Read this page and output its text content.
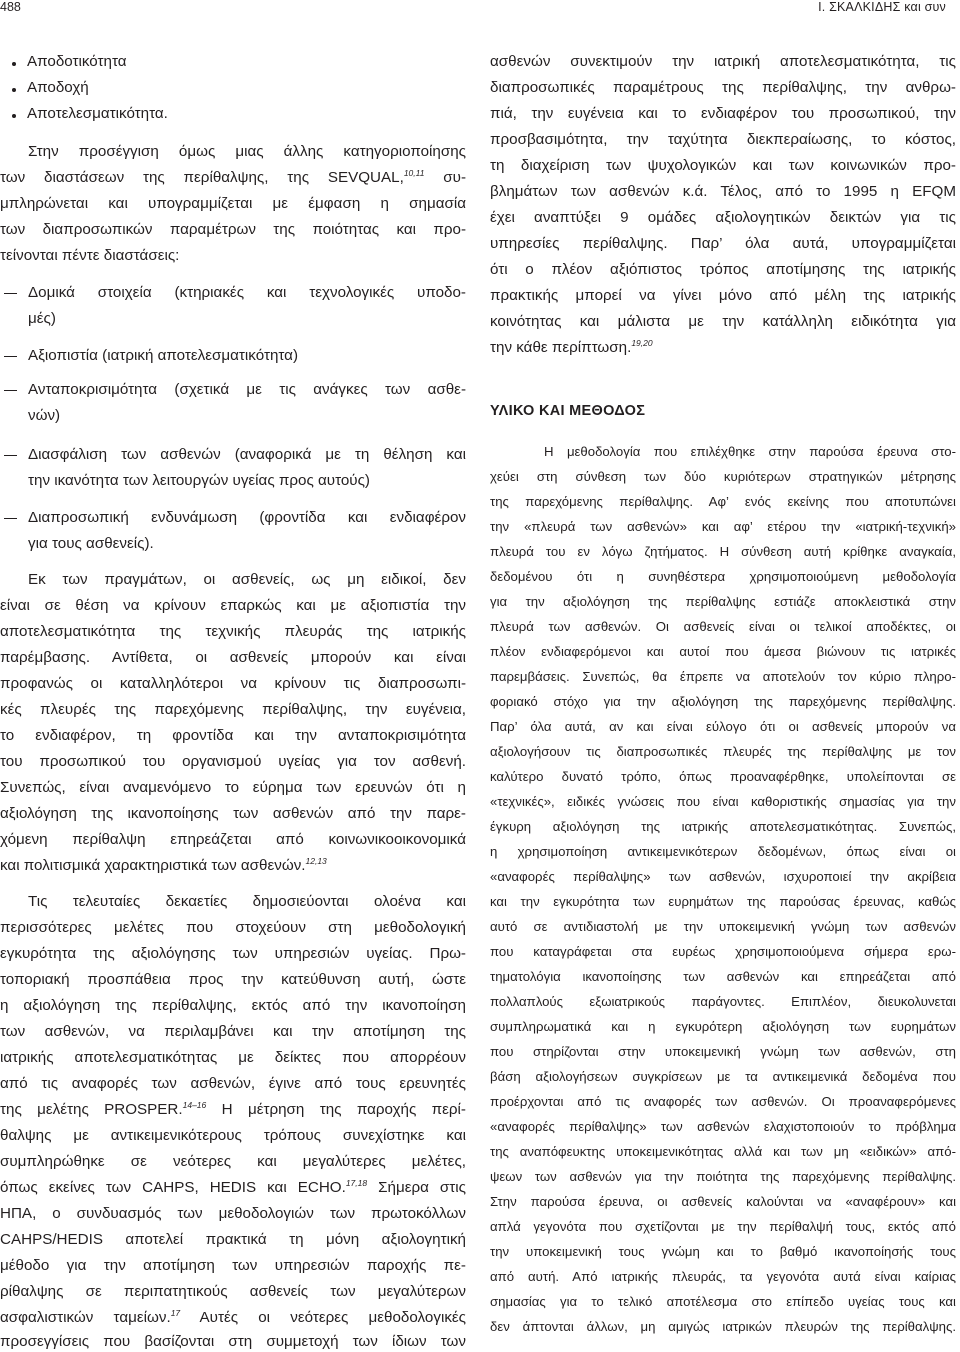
488	Ι. ΣΚΑΛΚΙΔΗΣ και συν
Αποδοτικότητα
Αποδοχή
Αποτελεσματικότητα.
Στην προσέγγιση όμως μιας άλλης κατηγοριοποίησης
των διαστάσεων της περίθαλψης, της SEVQUAL,$^{10,11}$ συ-
μπληρώνεται και υπογραμμίζεται με έμφαση η σημασία
των διαπροσωπικών παραμέτρων της ποιότητας και προ-
τείνονται πέντε διαστάσεις:
Δομικά στοιχεία (κτηριακές και τεχνολογικές υποδο-
μές)
Αξιοπιστία (ιατρική αποτελεσματικότητα)
Ανταποκρισιμότητα (σχετικά με τις ανάγκες των ασθε-
νών)
Διασφάλιση των ασθενών (αναφορικά με τη θέληση και
την ικανότητα των λειτουργών υγείας προς αυτούς)
Διαπροσωπική ενδυνάμωση (φροντίδα και ενδιαφέρον
για τους ασθενείς).
Εκ των πραγμάτων, οι ασθενείς, ως μη ειδικοί, δεν
είναι σε θέση να κρίνουν επαρκώς και με αξιοπιστία την
αποτελεσματικότητα της τεχνικής πλευράς της ιατρικής
παρέμβασης. Αντίθετα, οι ασθενείς μπορούν και είναι
προφανώς οι καταλληλότεροι να κρίνουν τις διαπροσωπι-
κές πλευρές της παρεχόμενης περίθαλψης, την ευγένεια,
το ενδιαφέρον, τη φροντίδα και την ανταποκρισιμότητα
του προσωπικού του οργανισμού υγείας για τον ασθενή.
Συνεπώς, είναι αναμενόμενο το εύρημα των ερευνών ότι η
αξιολόγηση της ικανοποίησης των ασθενών από την παρε-
χόμενη περίθαλψη επηρεάζεται από κοινωνικοοικονομικά
και πολιτισμικά χαρακτηριστικά των ασθενών.$^{12,13}$
Τις τελευταίες δεκαετίες δημοσιεύονται ολοένα και
περισσότερες μελέτες που στοχεύουν στη μεθοδολογική
εγκυρότητα της αξιολόγησης των υπηρεσιών υγείας. Πρω-
τοποριακή προσπάθεια προς την κατεύθυνση αυτή, ώστε
η αξιολόγηση της περίθαλψης, εκτός από την ικανοποίηση
των ασθενών, να περιλαμβάνει και την αποτίμηση της
ιατρικής αποτελεσματικότητας με δείκτες που απορρέουν
από τις αναφορές των ασθενών, έγινε από τους ερευνητές
της μελέτης PROSPER.$^{14-16}$ Η μέτρηση της παροχής περί-
θαλψης με αντικειμενικότερους τρόπους συνεχίστηκε και
συμπληρώθηκε σε νεότερες και μεγαλύτερες μελέτες,
όπως εκείνες των CAHPS, HEDIS και ECHO.$^{17,18}$ Σήμερα στις
ΗΠΑ, ο συνδυασμός των μεθοδολογιών των πρωτοκόλλων
CAHPS/HEDIS αποτελεί πρακτικά τη μόνη αξιολογητική
μέθοδο για την αποτίμηση των υπηρεσιών παροχής πε-
ρίθαλψης σε περιπατητικούς ασθενείς των μεγαλύτερων
ασφαλιστικών ταμείων.$^{17}$ Αυτές οι νεότερες μεθοδολογικές
προσεγγίσεις που βασίζονται στη συμμετοχή των ίδιων των
ασθενών συνεκτιμούν την ιατρική αποτελεσματικότητα, τις
διαπροσωπικές παραμέτρους της περίθαλψης, την ανθρω-
πιά, την ευγένεια και το ενδιαφέρον του προσωπικού, την
προσβασιμότητα, την ταχύτητα διεκπεραίωσης, το κόστος,
τη διαχείριση των ψυχολογικών και των κοινωνικών προ-
βλημάτων των ασθενών κ.ά. Τέλος, από το 1995 η EFQM
έχει αναπτύξει 9 ομάδες αξιολογητικών δεικτών για τις
υπηρεσίες περίθαλψης. Παρ’ όλα αυτά, υπογραμμίζεται
ότι ο πλέον αξιόπιστος τρόπος αποτίμησης της ιατρικής
πρακτικής μπορεί να γίνει μόνο από μέλη της ιατρικής
κοινότητας και μάλιστα με την κατάλληλη ειδικότητα για
την κάθε περίπτωση.$^{19,20}$
ΥΛΙΚΟ ΚΑΙ ΜΕΘΟΔΟΣ
Η μεθοδολογία που επιλέχθηκε στην παρούσα έρευνα στο-
χεύει στη σύνθεση των δύο κυριότερων στρατηγικών μέτρησης
της παρεχόμενης περίθαλψης. Αφ’ ενός εκείνης που αποτυπώνει
την «πλευρά των ασθενών» και αφ’ ετέρου την «ιατρική-τεχνική»
πλευρά του εν λόγω ζητήματος. Η σύνθεση αυτή κρίθηκε αναγκαία,
δεδομένου ότι η συνηθέστερα χρησιμοποιούμενη μεθοδολογία
για την αξιολόγηση της περίθαλψης εστιάζε αποκλειστικά στην
πλευρά των ασθενών. Οι ασθενείς είναι οι τελικοί αποδέκτες, οι
πλέον ενδιαφερόμενοι και αυτοί που άμεσα βιώνουν τις ιατρικές
παρεμβάσεις. Συνεπώς, θα έπρεπε να αποτελούν τον κύριο πληρο-
φοριακό στόχο για την αξιολόγηση της παρεχόμενης περίθαλψης.
Παρ’ όλα αυτά, αν και είναι εύλογο ότι οι ασθενείς μπορούν να
αξιολογήσουν τις διαπροσωπικές πλευρές της περίθαλψης με τον
καλύτερο δυνατό τρόπο, όπως προαναφέρθηκε, υπολείπονται σε
«τεχνικές», ειδικές γνώσεις που είναι καθοριστικής σημασίας για την
έγκυρη αξιολόγηση της ιατρικής αποτελεσματικότητας. Συνεπώς,
η χρησιμοποίηση αντικειμενικότερων δεδομένων, όπως είναι οι
«αναφορές περίθαλψης» των ασθενών, ισχυροποιεί την ακρίβεια
και την εγκυρότητα των ευρημάτων της παρούσας έρευνας, καθώς
αυτό σε αντιδιαστολή με την υποκειμενική γνώμη των ασθενών
που καταγράφεται στα ευρέως χρησιμοποιούμενα σήμερα ερω-
τηματολόγια ικανοποίησης των ασθενών και επηρεάζεται από
πολλαπλούς εξωιατρικούς παράγοντες. Επιπλέον, διευκολυνεται
συμπληρωματικά και η εγκυρότερη αξιολόγηση των ευρημάτων
που στηρίζονται στην υποκειμενική γνώμη των ασθενών, στη
βάση αξιολογήσεων συγκρίσεων με τα αντικειμενικά δεδομένα που
προέρχονται από τις αναφορές των ασθενών. Οι προαναφερόμενες
«αναφορές περίθαλψης» των ασθενών ελαχιστοποιούν το πρόβλημα
της αναπόφευκτης υποκειμενικότητας αλλά και των μη «ειδικών» από-
ψεων των ασθενών για την ποιότητα της παρεχόμενης περίθαλψης.
Στην παρούσα έρευνα, οι ασθενείς καλούνται να «αναφέρουν» και
απλά γεγονότα που σχετίζονται με την περίθαλψή τους, εκτός από
την υποκειμενική τους γνώμη και το βαθμό ικανοποίησής τους
από αυτή. Από ιατρικής πλευράς, τα γεγονότα αυτά είναι καίριας
σημασίας για το τελικό αποτέλεσμα στο επίπεδο υγείας τους και
δεν άπτονται άλλων, μη αμιγώς ιατρικών πλευρών της περίθαλψης.
